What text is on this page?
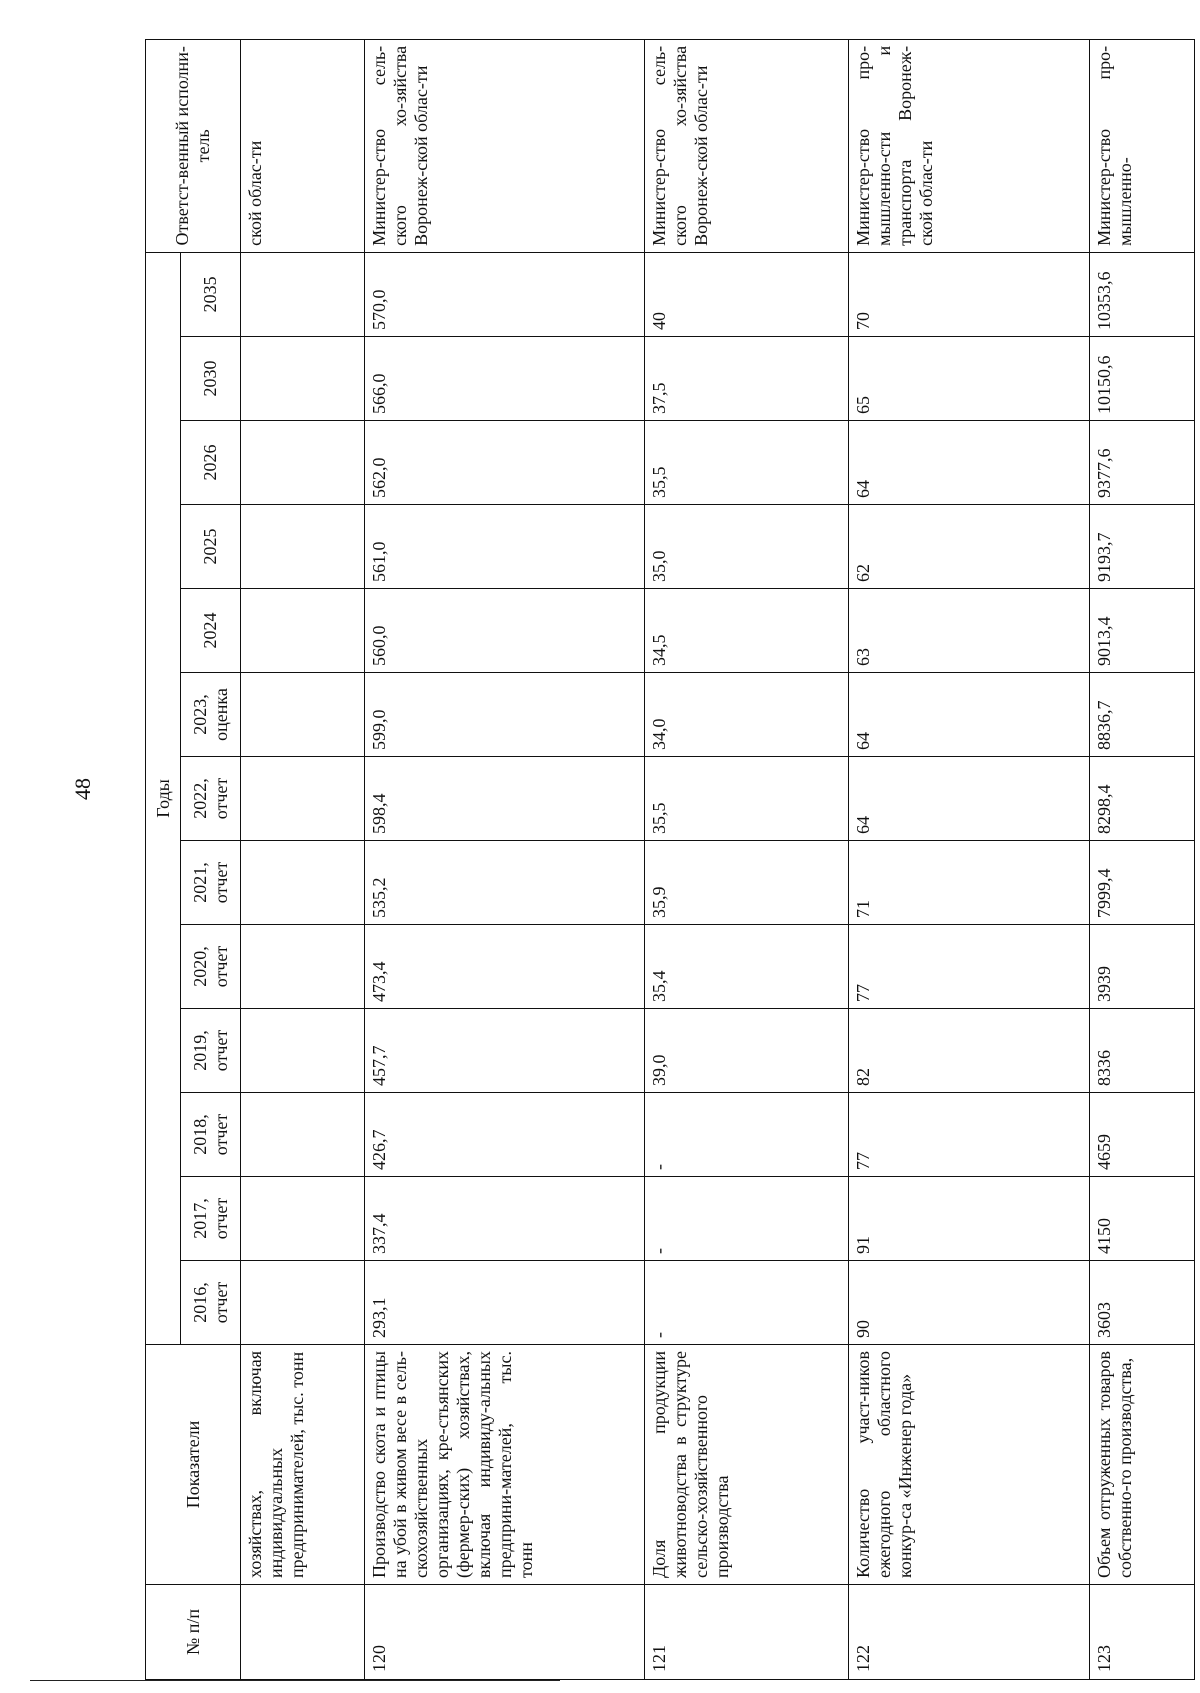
48
№ п/п	Показатели	Годы													Ответст-венный исполни-тель
		2016, отчет	2017, отчет	2018, отчет	2019, отчет	2020, отчет	2021, отчет	2022, отчет	2023, оценка	2024	2025	2026	2030	2035	
	хозяйствах, включая индивидуальных предпринимателей, тыс. тонн														ской облас-ти
120	Производство скота и птицы на убой в живом весе в сель-скохозяйственных организациях, кре-стьянских (фермер-ских) хозяйствах, включая индивиду-альных предприни-мателей, тыс. тонн	293,1	337,4	426,7	457,7	473,4	535,2	598,4	599,0	560,0	561,0	562,0	566,0	570,0	Министер-ство сель-ского хо-зяйства Воронеж-ской облас-ти
121	Доля продукции животноводства в структуре сельско-хозяйственного производства	-	-	-	39,0	35,4	35,9	35,5	34,0	34,5	35,0	35,5	37,5	40	Министер-ство сель-ского хо-зяйства Воронеж-ской облас-ти
122	Количество участ-ников ежегодного областного конкур-са «Инженер года»	90	91	77	82	77	71	64	64	63	62	64	65	70	Министер-ство про-мышленно-сти и транспорта Воронеж-ской облас-ти
123	Объем отгруженных товаров собственно-го производства,	3603	4150	4659	8336	3939	7999,4	8298,4	8836,7	9013,4	9193,7	9377,6	10150,6	10353,6	Министер-ство про-мышленно-
